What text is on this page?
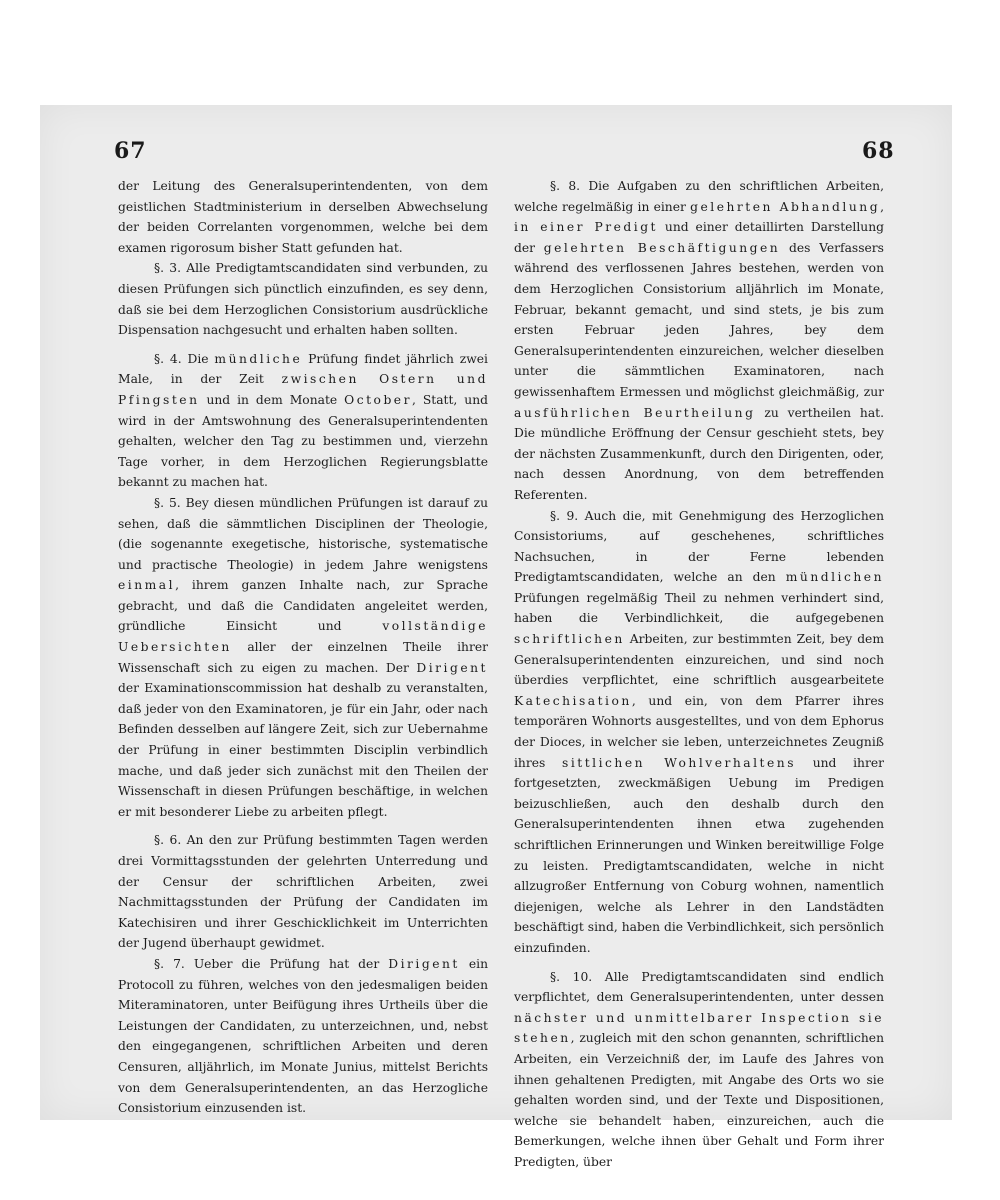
67	68

der Leitung des Generalsuperintendenten, von dem geistlichen Stadtministerium in derselben Abwechselung der beiden Correlanten vorgenommen, welche bei dem examen rigorosum bisher Statt gefunden hat.

§. 3. Alle Predigtamtscandidaten sind verbunden, zu diesen Prüfungen sich pünctlich einzufinden, es sey denn, daß sie bei dem Herzoglichen Consistorium ausdrückliche Dispensation nachgesucht und erhalten haben sollten.

§. 4. Die mündliche Prüfung findet jährlich zwei Male, in der Zeit zwischen Ostern und Pfingsten und in dem Monate October, Statt, und wird in der Amtswohnung des Generalsuperintendenten gehalten, welcher den Tag zu bestimmen und, vierzehn Tage vorher, in dem Herzoglichen Regierungsblatte bekannt zu machen hat.

§. 5. Bey diesen mündlichen Prüfungen ist darauf zu sehen, daß die sämmtlichen Disciplinen der Theologie, (die sogenannte exegetische, historische, systematische und practische Theologie) in jedem Jahre wenigstens einmal, ihrem ganzen Inhalte nach, zur Sprache gebracht, und daß die Candidaten angeleitet werden, gründliche Einsicht und vollständige Uebersichten aller der einzelnen Theile ihrer Wissenschaft sich zu eigen zu machen. Der Dirigent der Examinationscommission hat deshalb zu veranstalten, daß jeder von den Examinatoren, je für ein Jahr, oder nach Befinden desselben auf längere Zeit, sich zur Uebernahme der Prüfung in einer bestimmten Disciplin verbindlich mache, und daß jeder sich zunächst mit den Theilen der Wissenschaft in diesen Prüfungen beschäftige, in welchen er mit besonderer Liebe zu arbeiten pflegt.

§. 6. An den zur Prüfung bestimmten Tagen werden drei Vormittagsstunden der gelehrten Unterredung und der Censur der schriftlichen Arbeiten, zwei Nachmittagsstunden der Prüfung der Candidaten im Katechisiren und ihrer Geschicklichkeit im Unterrichten der Jugend überhaupt gewidmet.

§. 7. Ueber die Prüfung hat der Dirigent ein Protocoll zu führen, welches von den jedesmaligen beiden Miteraminatoren, unter Beifügung ihres Urtheils über die Leistungen der Candidaten, zu unterzeichnen, und, nebst den eingegangenen, schriftlichen Arbeiten und deren Censuren, alljährlich, im Monate Junius, mittelst Berichts von dem Generalsuperintendenten, an das Herzogliche Consistorium einzusenden ist.

§. 8. Die Aufgaben zu den schriftlichen Arbeiten, welche regelmäßig in einer gelehrten Abhandlung, in einer Predigt und einer detaillirten Darstellung der gelehrten Beschäftigungen des Verfassers während des verflossenen Jahres bestehen, werden von dem Herzoglichen Consistorium alljährlich im Monate, Februar, bekannt gemacht, und sind stets, je bis zum ersten Februar jeden Jahres, bey dem Generalsuperintendenten einzureichen, welcher dieselben unter die sämmtlichen Examinatoren, nach gewissenhaftem Ermessen und möglichst gleichmäßig, zur ausführlichen Beurtheilung zu vertheilen hat. Die mündliche Eröffnung der Censur geschieht stets, bey der nächsten Zusammenkunft, durch den Dirigenten, oder, nach dessen Anordnung, von dem betreffenden Referenten.

§. 9. Auch die, mit Genehmigung des Herzoglichen Consistoriums, auf geschehenes, schriftliches Nachsuchen, in der Ferne lebenden Predigtamtscandidaten, welche an den mündlichen Prüfungen regelmäßig Theil zu nehmen verhindert sind, haben die Verbindlichkeit, die aufgegebenen schriftlichen Arbeiten, zur bestimmten Zeit, bey dem Generalsuperintendenten einzureichen, und sind noch überdies verpflichtet, eine schriftlich ausgearbeitete Katechisation, und ein, von dem Pfarrer ihres temporären Wohnorts ausgestelltes, und von dem Ephorus der Dioces, in welcher sie leben, unterzeichnetes Zeugniß ihres sittlichen Wohlverhaltens und ihrer fortgesetzten, zweckmäßigen Uebung im Predigen beizuschließen, auch den deshalb durch den Generalsuperintendenten ihnen etwa zugehenden schriftlichen Erinnerungen und Winken bereitwillige Folge zu leisten. Predigtamtscandidaten, welche in nicht allzugroßer Entfernung von Coburg wohnen, namentlich diejenigen, welche als Lehrer in den Landstädten beschäftigt sind, haben die Verbindlichkeit, sich persönlich einzufinden.

§. 10. Alle Predigtamtscandidaten sind endlich verpflichtet, dem Generalsuperintendenten, unter dessen nächster und unmittelbarer Inspection sie stehen, zugleich mit den schon genannten, schriftlichen Arbeiten, ein Verzeichniß der, im Laufe des Jahres von ihnen gehaltenen Predigten, mit Angabe des Orts wo sie gehalten worden sind, und der Texte und Dispositionen, welche sie behandelt haben, einzureichen, auch die Bemerkungen, welche ihnen über Gehalt und Form ihrer Predigten, über
